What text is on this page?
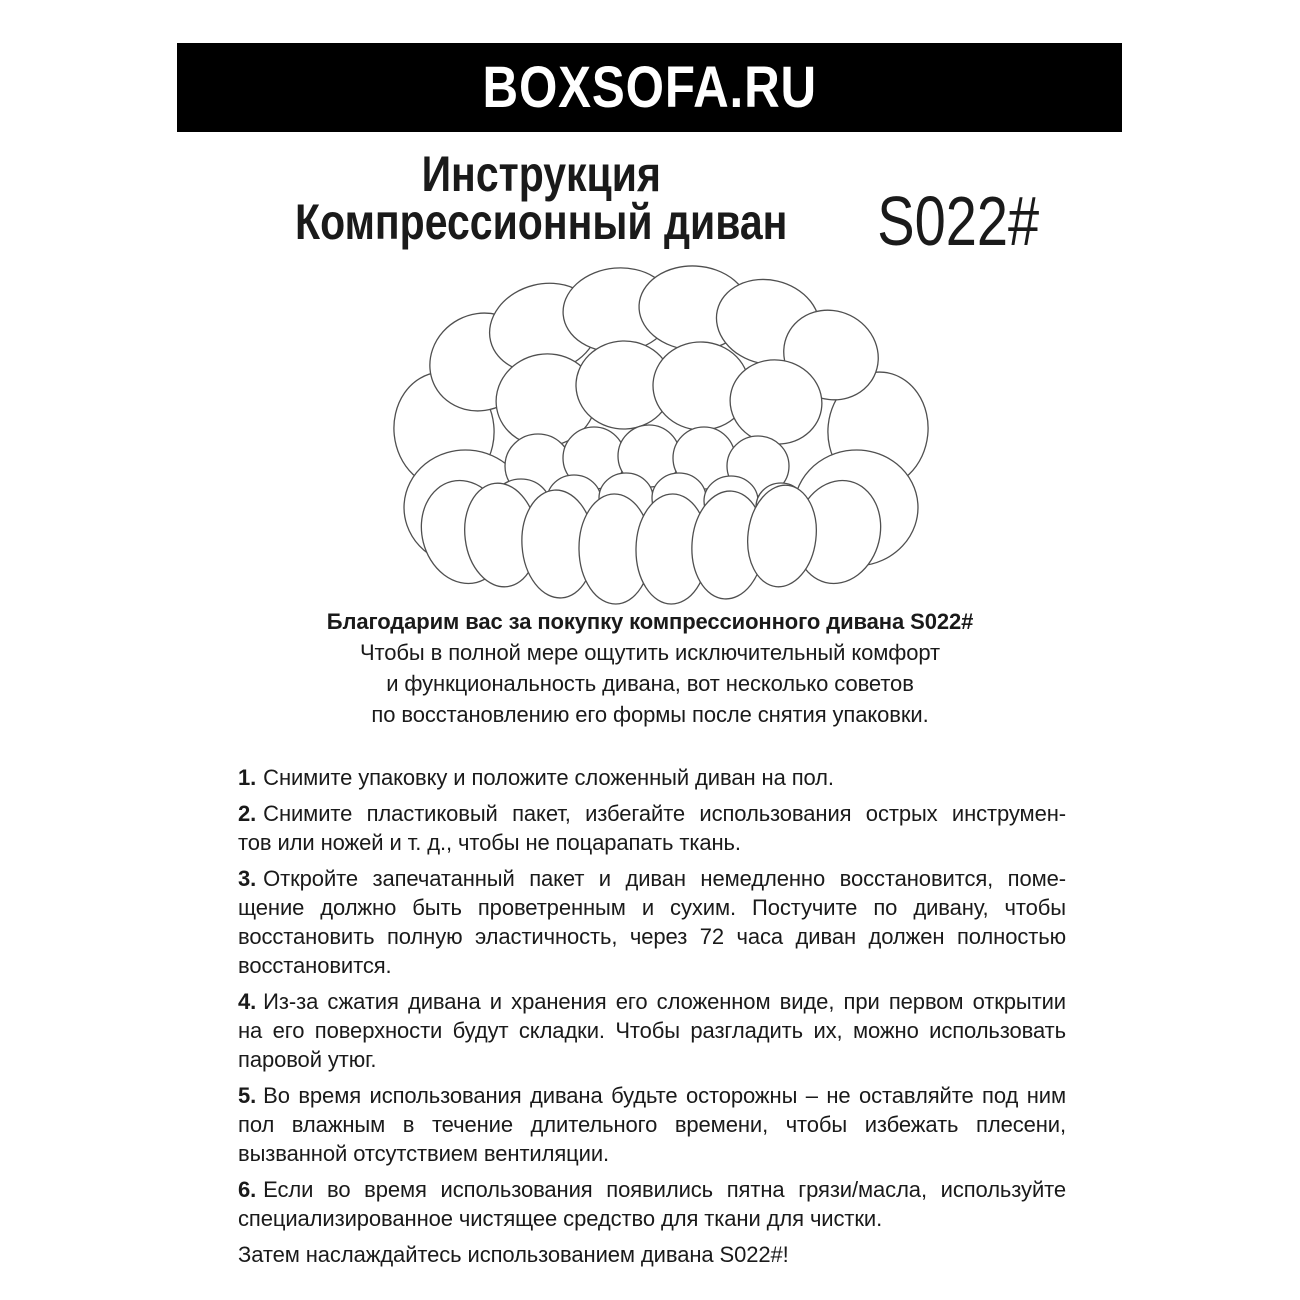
BOXSOFA.RU
Инструкция
Компрессионный диван S022#
Благодарим вас за покупку компрессионного дивана S022#
Чтобы в полной мере ощутить исключительный комфорт
и функциональность дивана, вот несколько советов
по восстановлению его формы после снятия упаковки.
1. Снимите упаковку и положите сложенный диван на пол.
2. Снимите пластиковый пакет, избегайте использования острых инструмен-
тов или ножей и т. д., чтобы не поцарапать ткань.
3. Откройте запечатанный пакет и диван немедленно восстановится, поме-
щение должно быть проветренным и сухим. Постучите по дивану, чтобы
восстановить полную эластичность, через 72 часа диван должен полностью
восстановится.
4. Из-за сжатия дивана и хранения его сложенном виде, при первом открытии
на его поверхности будут складки. Чтобы разгладить их, можно использовать
паровой утюг.
5. Во время использования дивана будьте осторожны – не оставляйте под ним
пол влажным в течение длительного времени, чтобы избежать плесени,
вызванной отсутствием вентиляции.
6. Если во время использования появились пятна грязи/масла, используйте
специализированное чистящее средство для ткани для чистки.
Затем наслаждайтесь использованием дивана S022#!
